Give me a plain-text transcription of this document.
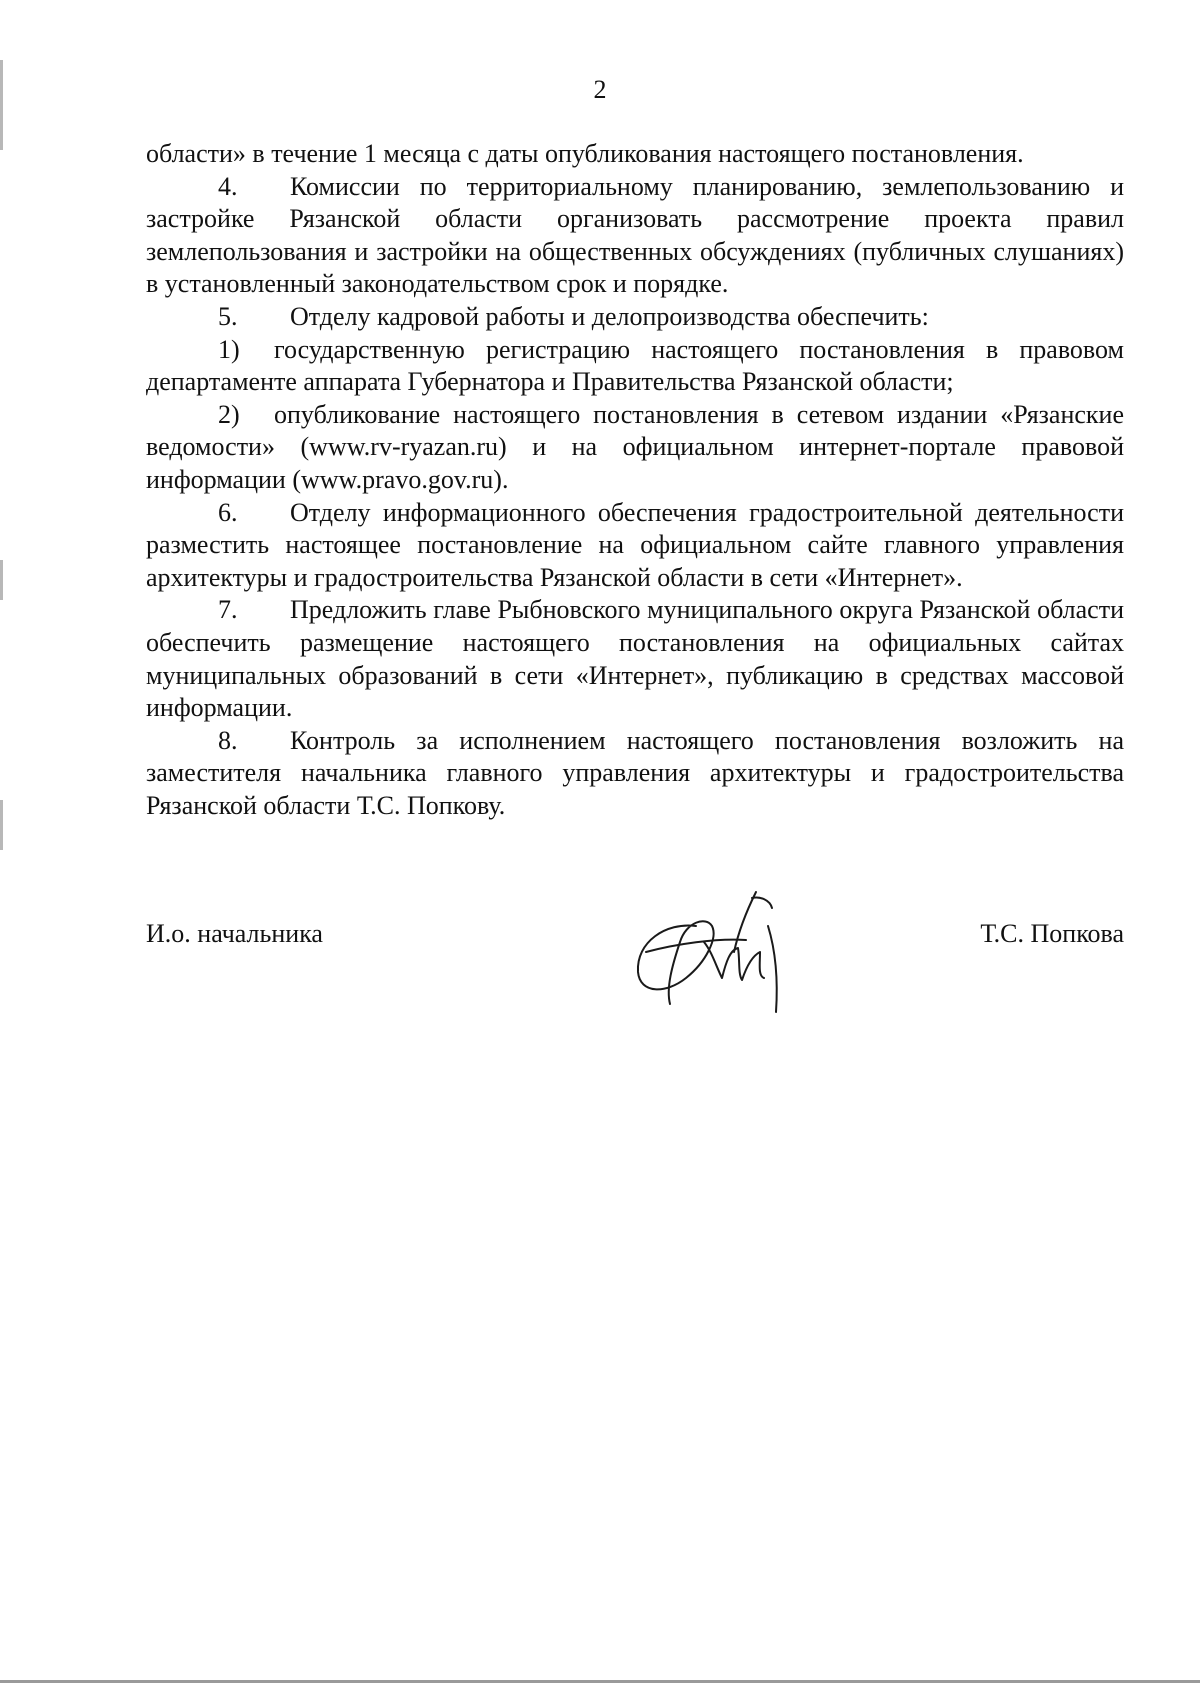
2

области» в течение 1 месяца с даты опубликования настоящего постановления.

4. Комиссии по территориальному планированию, землепользованию и застройке Рязанской области организовать рассмотрение проекта правил землепользования и застройки на общественных обсуждениях (публичных слушаниях) в установленный законодательством срок и порядке.

5. Отделу кадровой работы и делопроизводства обеспечить:

1) государственную регистрацию настоящего постановления в правовом департаменте аппарата Губернатора и Правительства Рязанской области;

2) опубликование настоящего постановления в сетевом издании «Рязанские ведомости» (www.rv-ryazan.ru) и на официальном интернет-портале правовой информации (www.pravo.gov.ru).

6. Отделу информационного обеспечения градостроительной деятельности разместить настоящее постановление на официальном сайте главного управления архитектуры и градостроительства Рязанской области в сети «Интернет».

7. Предложить главе Рыбновского муниципального округа Рязанской области обеспечить размещение настоящего постановления на официальных сайтах муниципальных образований в сети «Интернет», публикацию в средствах массовой информации.

8. Контроль за исполнением настоящего постановления возложить на заместителя начальника главного управления архитектуры и градостроительства Рязанской области Т.С. Попкову.

И.о. начальника	Т.С. Попкова
